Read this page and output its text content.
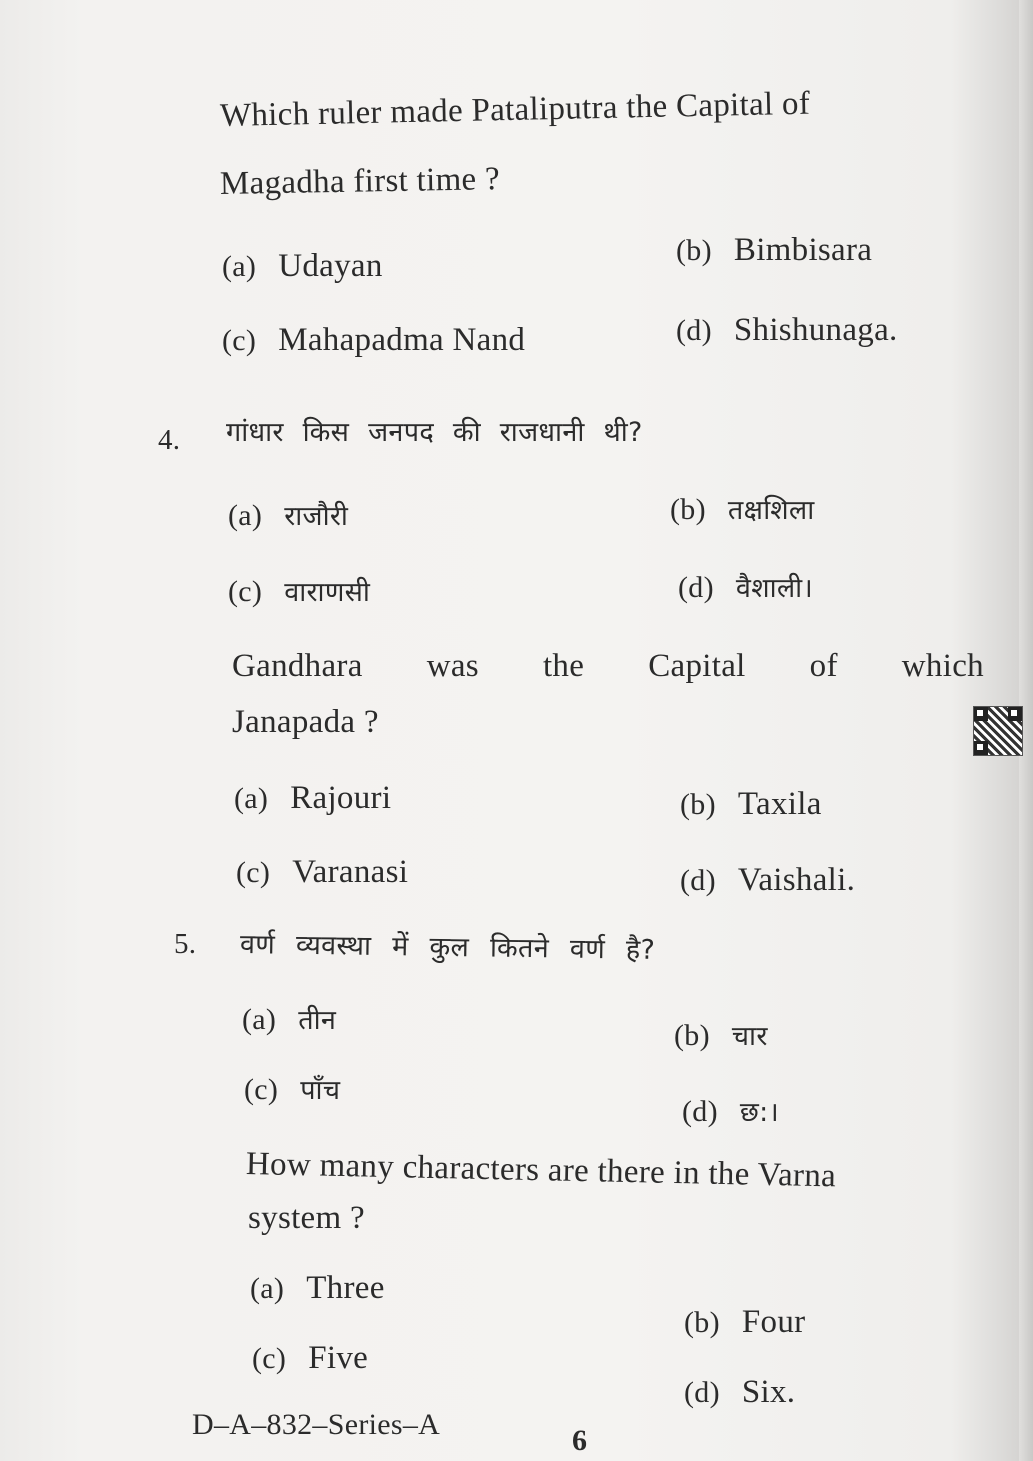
Which ruler made Pataliputra the Capital of
Magadha first time ?
(a) Udayan	(b) Bimbisara
(c) Mahapadma Nand	(d) Shishunaga.
4. गांधार किस जनपद की राजधानी थी?
(a) राजौरी	(b) तक्षशिला
(c) वाराणसी	(d) वैशाली।
Gandhara was the Capital of which
Janapada ?
(a) Rajouri	(b) Taxila
(c) Varanasi	(d) Vaishali.
5. वर्ण व्यवस्था में कुल कितने वर्ण है?
(a) तीन	(b) चार
(c) पाँच
(d) छ:।
How many characters are there in the Varna
system ?
(a) Three
(b) Four
(c) Five
(d) Six.
D–A–832–Series–A	6
